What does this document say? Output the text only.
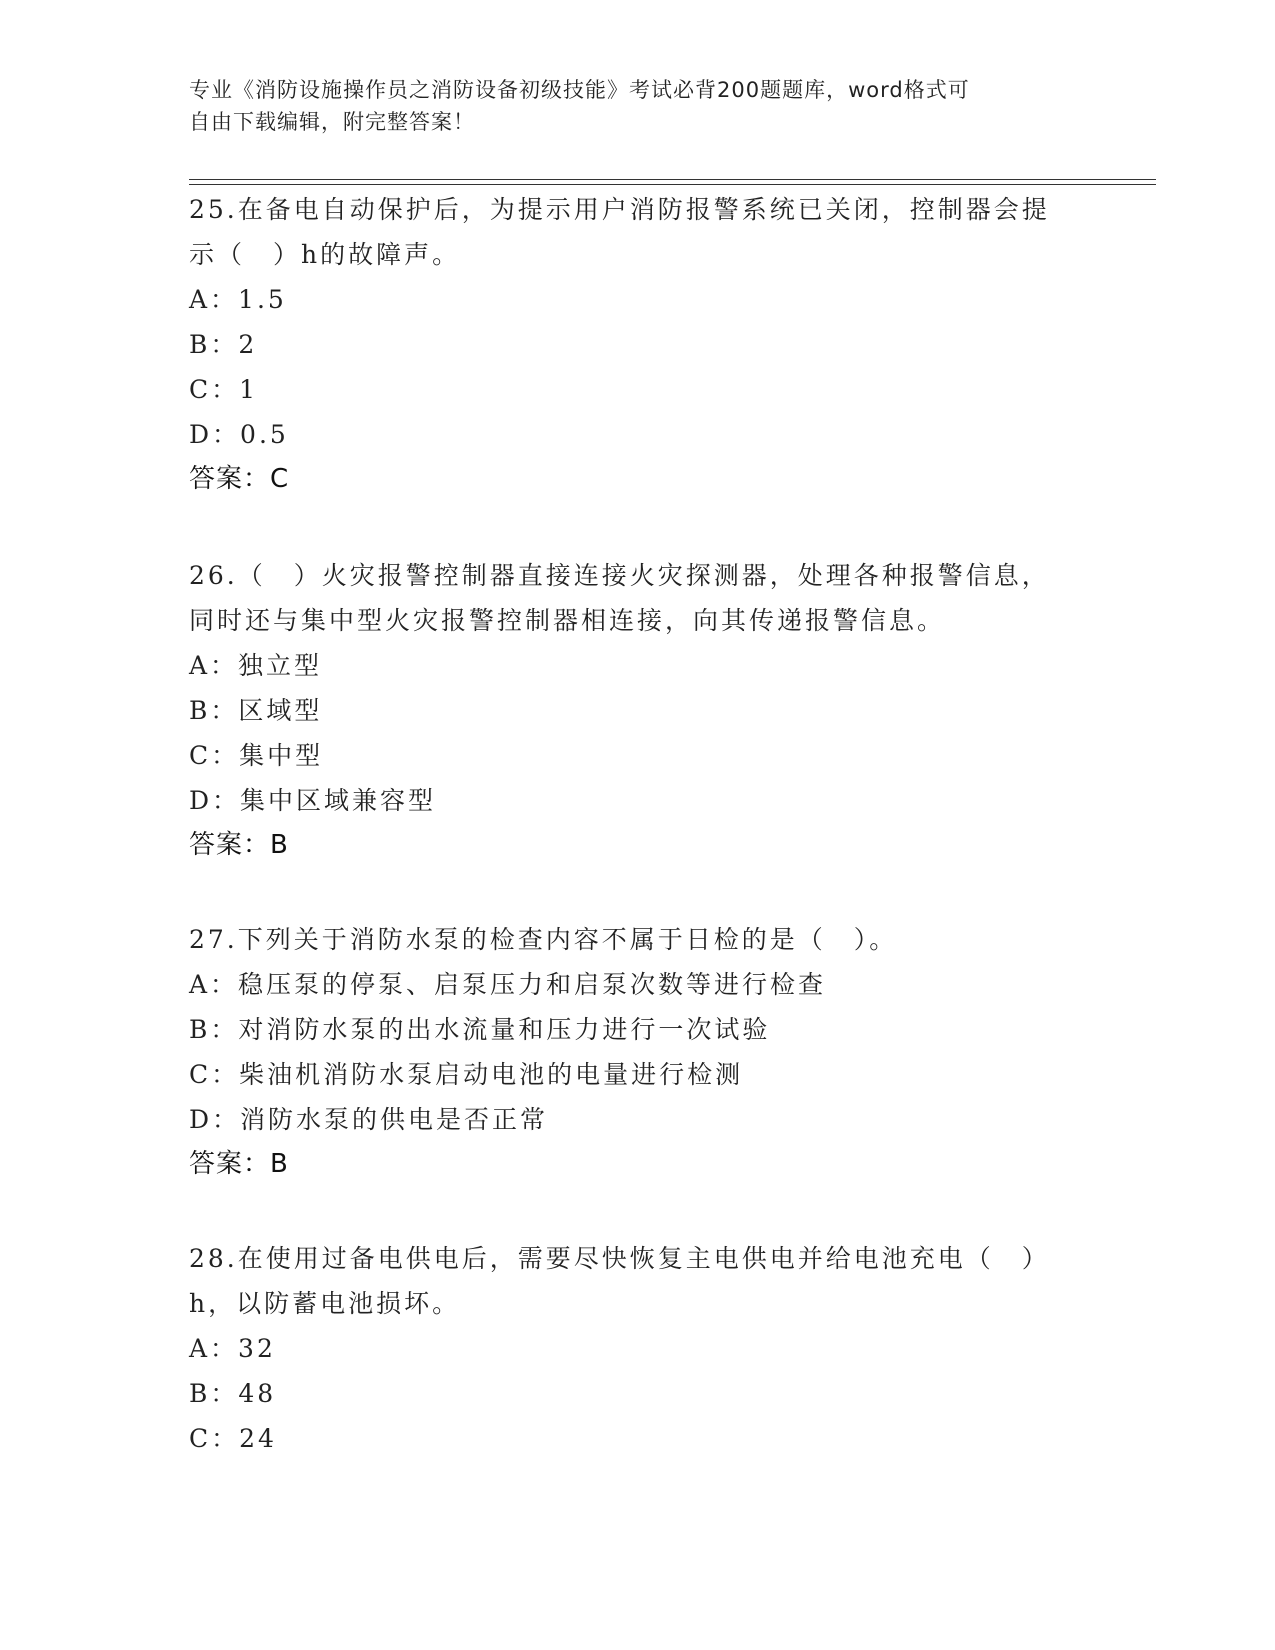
专业《消防设施操作员之消防设备初级技能》考试必背200题题库，word格式可
自由下载编辑，附完整答案！
25.在备电自动保护后，为提示用户消防报警系统已关闭，控制器会提
示（　）h的故障声。
A：1.5
B：2
C：1
D：0.5
答案：C
26.（　）火灾报警控制器直接连接火灾探测器，处理各种报警信息，
同时还与集中型火灾报警控制器相连接，向其传递报警信息。
A：独立型
B：区域型
C：集中型
D：集中区域兼容型
答案：B
27.下列关于消防水泵的检查内容不属于日检的是（　）。
A：稳压泵的停泵、启泵压力和启泵次数等进行检查
B：对消防水泵的出水流量和压力进行一次试验
C：柴油机消防水泵启动电池的电量进行检测
D：消防水泵的供电是否正常
答案：B
28.在使用过备电供电后，需要尽快恢复主电供电并给电池充电（　）
h，以防蓄电池损坏。
A：32
B：48
C：24
